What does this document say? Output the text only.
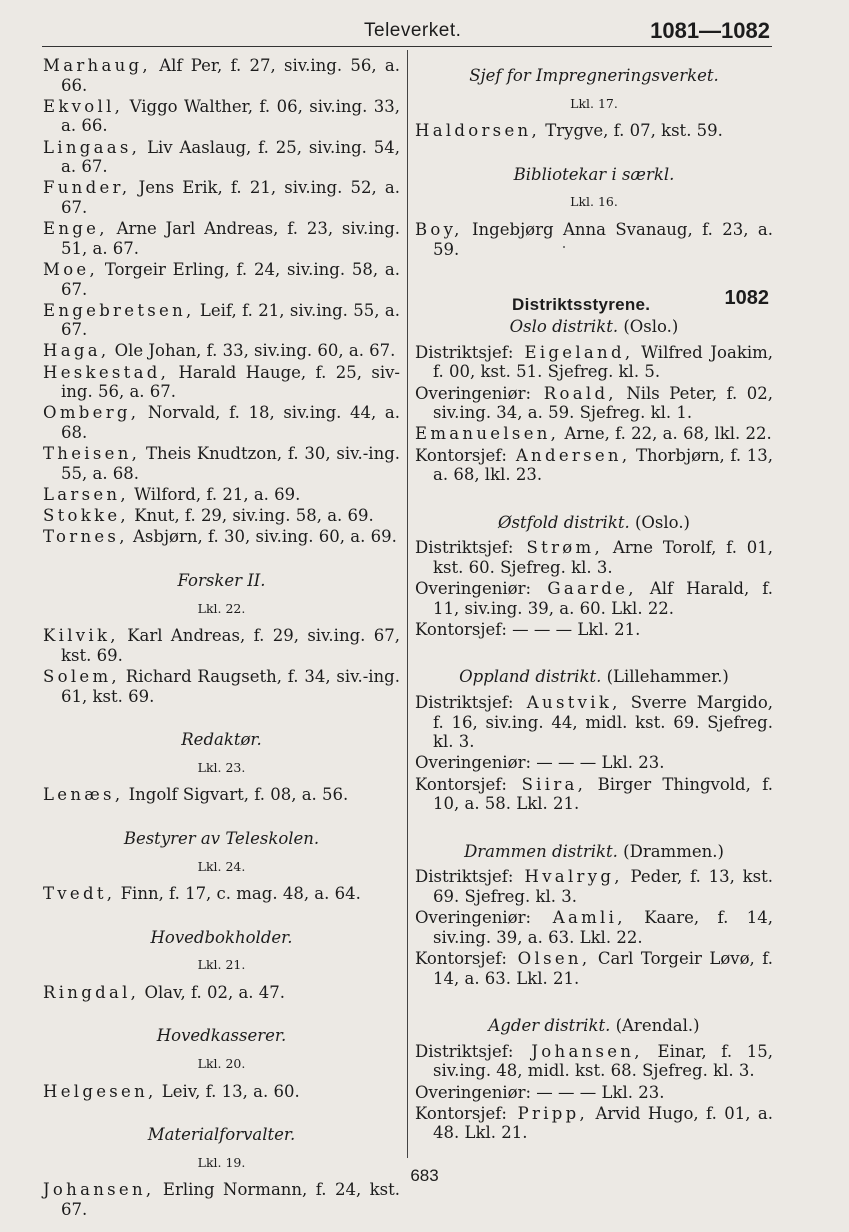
Televerket.	1081—1082
Marhaug, Alf Per, f. 27, siv.ing. 56, a. 66.
Ekvoll, Viggo Walther, f. 06, siv.ing. 33, a. 66.
Lingaas, Liv Aaslaug, f. 25, siv.ing. 54, a. 67.
Funder, Jens Erik, f. 21, siv.ing. 52, a. 67.
Enge, Arne Jarl Andreas, f. 23, siv.ing. 51, a. 67.
Moe, Torgeir Erling, f. 24, siv.ing. 58, a. 67.
Engebretsen, Leif, f. 21, siv.ing. 55, a. 67.
Haga, Ole Johan, f. 33, siv.ing. 60, a. 67.
Heskestad, Harald Hauge, f. 25, siv-ing. 56, a. 67.
Omberg, Norvald, f. 18, siv.ing. 44, a. 68.
Theisen, Theis Knudtzon, f. 30, siv.-ing. 55, a. 68.
Larsen, Wilford, f. 21, a. 69.
Stokke, Knut, f. 29, siv.ing. 58, a. 69.
Tornes, Asbjørn, f. 30, siv.ing. 60, a. 69.
Forsker II.
Lkl. 22.
Kilvik, Karl Andreas, f. 29, siv.ing. 67, kst. 69.
Solem, Richard Raugseth, f. 34, siv.-ing. 61, kst. 69.
Redaktør.
Lkl. 23.
Lenæs, Ingolf Sigvart, f. 08, a. 56.
Bestyrer av Teleskolen.
Lkl. 24.
Tvedt, Finn, f. 17, c. mag. 48, a. 64.
Hovedbokholder.
Lkl. 21.
Ringdal, Olav, f. 02, a. 47.
Hovedkasserer.
Lkl. 20.
Helgesen, Leiv, f. 13, a. 60.
Materialforvalter.
Lkl. 19.
Johansen, Erling Normann, f. 24, kst. 67.
Sjef for Impregneringsverket.
Lkl. 17.
Haldorsen, Trygve, f. 07, kst. 59.
Bibliotekar i særkl.
Lkl. 16.
Boy, Ingebjørg Anna Svanaug, f. 23, a. 59.
Distriktsstyrene.	1082
Oslo distrikt. (Oslo.)
Distriktsjef: Eigeland, Wilfred Joakim, f. 00, kst. 51. Sjefreg. kl. 5.
Overingeniør: Roald, Nils Peter, f. 02, siv.ing. 34, a. 59. Sjefreg. kl. 1.
Emanuelsen, Arne, f. 22, a. 68, lkl. 22.
Kontorsjef: Andersen, Thorbjørn, f. 13, a. 68, lkl. 23.
Østfold distrikt. (Oslo.)
Distriktsjef: Strøm, Arne Torolf, f. 01, kst. 60. Sjefreg. kl. 3.
Overingeniør: Gaarde, Alf Harald, f. 11, siv.ing. 39, a. 60. Lkl. 22.
Kontorsjef: — — — Lkl. 21.
Oppland distrikt. (Lillehammer.)
Distriktsjef: Austvik, Sverre Margido, f. 16, siv.ing. 44, midl. kst. 69. Sjefreg. kl. 3.
Overingeniør: — — — Lkl. 23.
Kontorsjef: Siira, Birger Thingvold, f. 10, a. 58. Lkl. 21.
Drammen distrikt. (Drammen.)
Distriktsjef: Hvalryg, Peder, f. 13, kst. 69. Sjefreg. kl. 3.
Overingeniør: Aamli, Kaare, f. 14, siv.ing. 39, a. 63. Lkl. 22.
Kontorsjef: Olsen, Carl Torgeir Løvø, f. 14, a. 63. Lkl. 21.
Agder distrikt. (Arendal.)
Distriktsjef: Johansen, Einar, f. 15, siv.ing. 48, midl. kst. 68. Sjefreg. kl. 3.
Overingeniør: — — — Lkl. 23.
Kontorsjef: Pripp, Arvid Hugo, f. 01, a. 48. Lkl. 21.
683
